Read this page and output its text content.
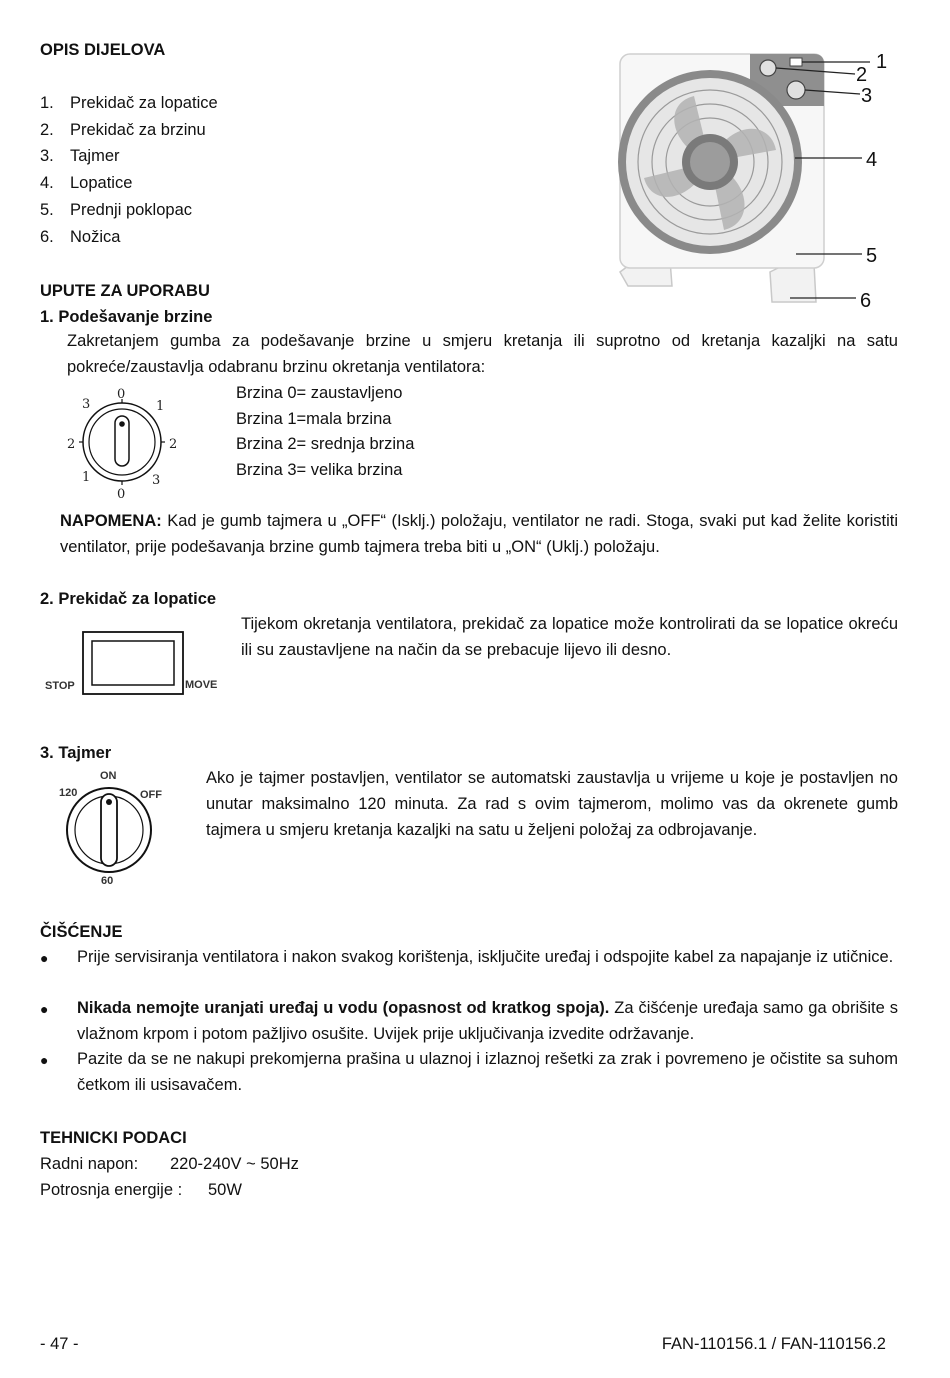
OPIS DIJELOVA
1. Prekidač za lopatice
2. Prekidač za brzinu
3. Tajmer
4. Lopatice
5. Prednji poklopac
6. Nožica
1
2
3
4
5
6
UPUTE ZA UPORABU
1. Podešavanje brzine
Zakretanjem gumba za podešavanje brzine u smjeru kretanja ili suprotno od kretanja kazaljki na satu pokreće/zaustavlja odabranu brzinu okretanja ventilatora:
0
1
2
3
0
1
2
3
Brzina 0= zaustavljeno
Brzina 1=mala brzina
Brzina 2= srednja brzina
Brzina 3= velika brzina
NAPOMENA: Kad je gumb tajmera u „OFF“ (Isklj.) položaju, ventilator ne radi. Stoga, svaki put kad želite koristiti ventilator, prije podešavanja brzine gumb tajmera treba biti u „ON“ (Uklj.) položaju.
2. Prekidač za lopatice
Tijekom okretanja ventilatora, prekidač za lopatice može kontrolirati da se lopatice okreću ili su zaustavljene na način da se prebacuje lijevo ili desno.
STOP	MOVE
3. Tajmer
Ako je tajmer postavljen, ventilator se automatski zaustavlja u vrijeme u koje je postavljen no unutar maksimalno 120 minuta. Za rad s ovim tajmerom, molimo vas da okrenete gumb tajmera u smjeru kretanja kazaljki na satu u željeni položaj za odbrojavanje.
ON
OFF
120
60
ČIŠĆENJE
● Prije servisiranja ventilatora i nakon svakog korištenja, isključite uređaj i odspojite kabel za napajanje iz utičnice.
● Nikada nemojte uranjati uređaj u vodu (opasnost od kratkog spoja). Za čišćenje uređaja samo ga obrišite s vlažnom krpom i potom pažljivo osušite. Uvijek prije uključivanja izvedite održavanje.
● Pazite da se ne nakupi prekomjerna prašina u ulaznoj i izlaznoj rešetki za zrak i povremeno je očistite sa suhom četkom ili usisavačem.
TEHNICKI PODACI
Radni napon: 220-240V ~ 50Hz
Potrosnja energije : 50W
- 47 -	FAN-110156.1 / FAN-110156.2
